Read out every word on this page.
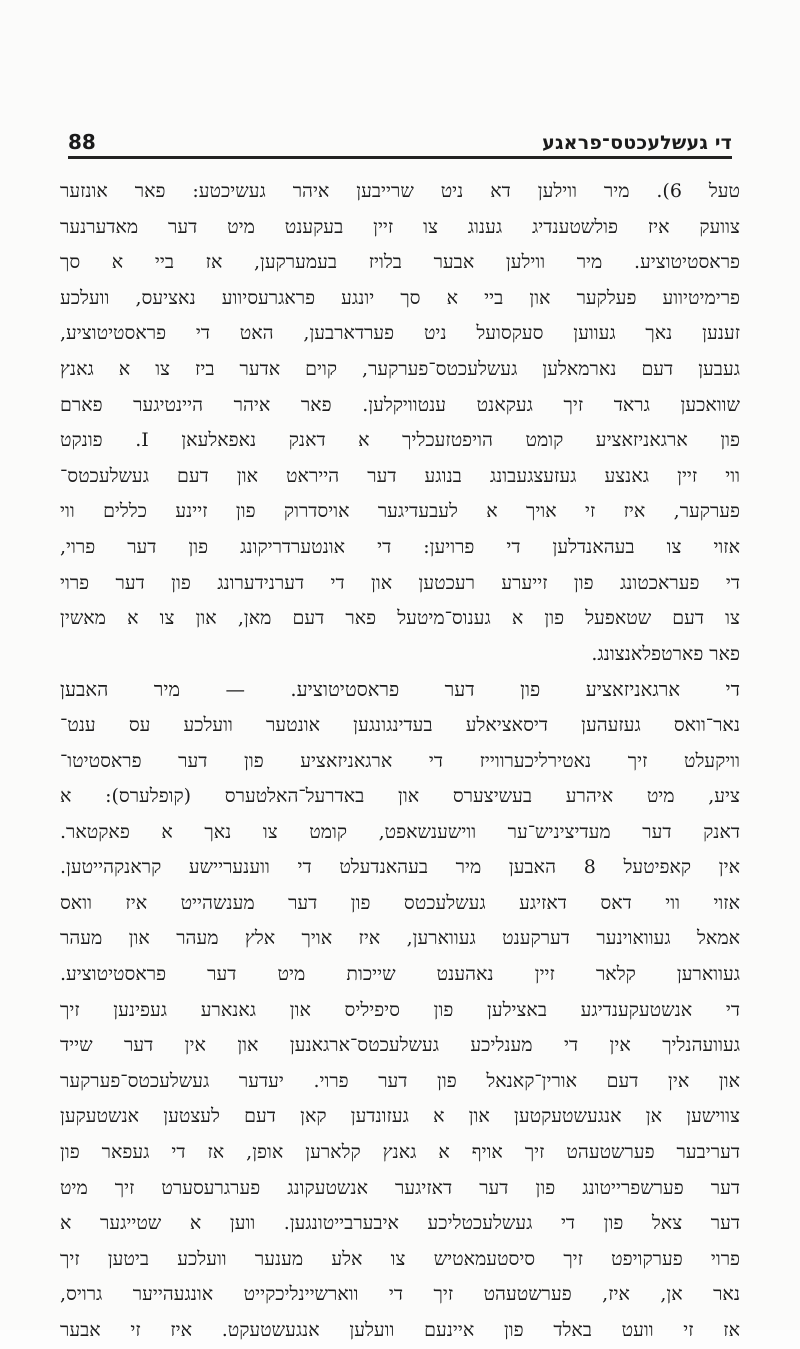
די געשלעכטס־פראגע
88
טעל 6). מיר ווילען דא ניט שרייבען איהר געשיכטע: פאר אונזער
צוועק איז פולשטענדיג גענוג צו זיין בעקענט מיט דער מאדערנער
פראסטיטוציע. מיר ווילען אבער בלויז בעמערקען, אז ביי א סך
פרימיטיווע פעלקער און ביי א סך יונגע פראגרעסיווע נאציעס, וועלכע
זענען נאך געווען סעקסועל ניט פערדארבען, האט די פראסטיטוציע,
געבען דעם נארמאלען געשלעכטס־פערקער, קוים אדער ביז צו א גאנץ
שוואכען גראד זיך געקאנט ענטוויקלען. פאר איהר היינטיגער פארם
פון ארגאניזאציע קומט הויפטזעכליך א דאנק נאפאלעאן I. פונקט
ווי זיין גאנצע געזעצגעבונג בנוגע דער הייראט און דעם געשלעכטס־
פערקער, איז זי אויך א לעבעדיגער אויסדרוק פון זיינע כללים ווי
אזוי צו בעהאנדלען די פרויען: די אונטערדריקונג פון דער פרוי,
די פעראכטונג פון זייערע רעכטען און די דערנידערונג פון דער פרוי
צו דעם שטאפעל פון א גענוס־מיטעל פאר דעם מאן, און צו א מאשין
פאר פארטפלאנצונג.
די ארגאניזאציע פון דער פראסטיטוציע. — מיר האבען
נאר־וואס געזעהען דיסאציאלע בעדינגונגען אונטער וועלכע עס ענט־
וויקעלט זיך נאטירליכערווייז די ארגאניזאציע פון דער פראסטיטו־
ציע, מיט איהרע בעשיצערס און באדרעל־האלטערס (קופלערס): א
דאנק דער מעדיציניש־ער ווישענשאפט, קומט צו נאך א פאקטאר.
אין קאפיטעל 8 האבען מיר בעהאנדעלט די ווענעריישע קראנקהייטען.
אזוי ווי דאס דאזיגע געשלעכטס פון דער מענשהייט איז וואס
אמאל געוואוינער דערקענט געווארען, איז אויך אלץ מעהר און מעהר
געווארען קלאר זיין נאהענט שייכות מיט דער פראסטיטוציע.
די אנשטעקענדיגע באצילען פון סיפיליס און גאנארע געפינען זיך
געוועהנליך אין די מענליכע געשלעכטס־ארגאנען און אין דער שייד
און אין דעם אורין־קאנאל פון דער פרוי. יעדער געשלעכטס־פערקער
צווישען אן אנגעשטעקטען און א געזונדען קאן דעם לעצטען אנשטעקען
דעריבער פערשטעהט זיך אויף א גאנץ קלארען אופן, אז די געפאר פון
דער פערשפרייטונג פון דער דאזיגער אנשטעקונג פערגרעסערט זיך מיט
דער צאל פון די געשלעכטליכע איבערבייטונגען. ווען א שטייגער א
פרוי פערקויפט זיך סיסטעמאטיש צו אלע מענער וועלכע ביטען זיך
נאר אן, איז, פערשטעהט זיך די ווארשיינליכקייט אונגעהייער גרויס,
אז זי וועט באלד פון איינעם וועלען אנגעשטעקט. איז זי אבער
